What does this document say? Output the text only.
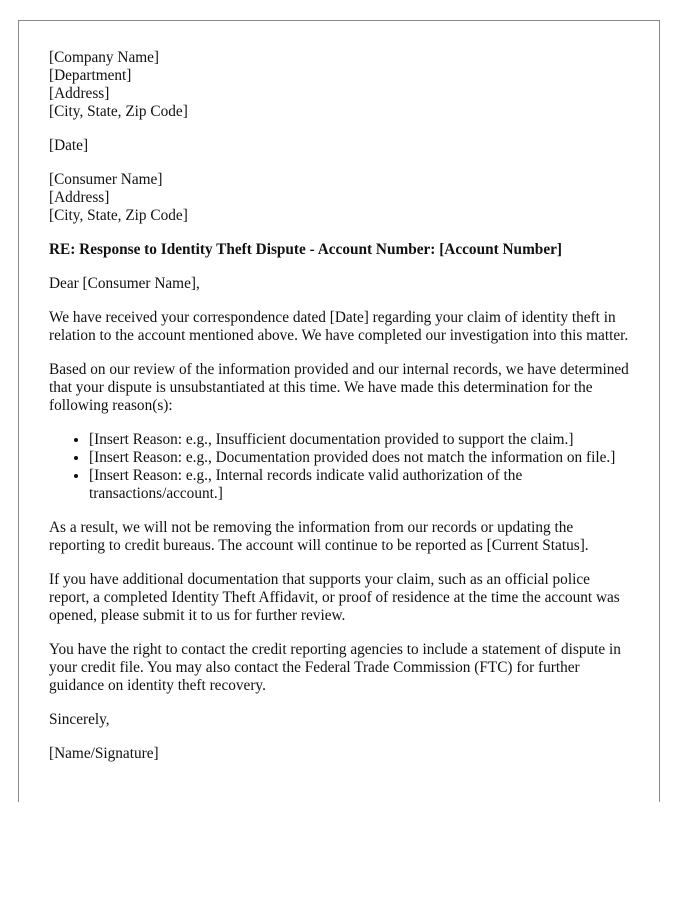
[Company Name]
[Department]
[Address]
[City, State, Zip Code]
[Date]
[Consumer Name]
[Address]
[City, State, Zip Code]
RE: Response to Identity Theft Dispute - Account Number: [Account Number]

Dear [Consumer Name],

We have received your correspondence dated [Date] regarding your claim of identity theft in relation to the account mentioned above. We have completed our investigation into this matter.

Based on our review of the information provided and our internal records, we have determined that your dispute is unsubstantiated at this time. We have made this determination for the following reason(s):

• [Insert Reason: e.g., Insufficient documentation provided to support the claim.]
• [Insert Reason: e.g., Documentation provided does not match the information on file.]
• [Insert Reason: e.g., Internal records indicate valid authorization of the transactions/account.]

As a result, we will not be removing the information from our records or updating the reporting to credit bureaus. The account will continue to be reported as [Current Status].

If you have additional documentation that supports your claim, such as an official police report, a completed Identity Theft Affidavit, or proof of residence at the time the account was opened, please submit it to us for further review.

You have the right to contact the credit reporting agencies to include a statement of dispute in your credit file. You may also contact the Federal Trade Commission (FTC) for further guidance on identity theft recovery.

Sincerely,

[Name/Signature]
